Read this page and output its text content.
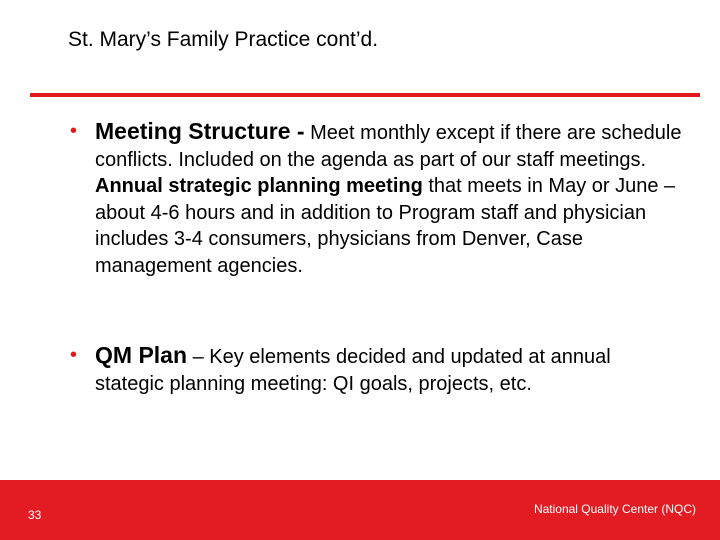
St. Mary’s Family Practice cont’d.
• Meeting Structure - Meet monthly except if there are schedule conflicts. Included on the agenda as part of our staff meetings. Annual strategic planning meeting that meets in May or June – about 4-6 hours and in addition to Program staff and physician includes 3-4 consumers, physicians from Denver, Case management agencies.
• QM Plan – Key elements decided and updated at annual stategic planning meeting: QI goals, projects, etc.
33	National Quality Center (NQC)
